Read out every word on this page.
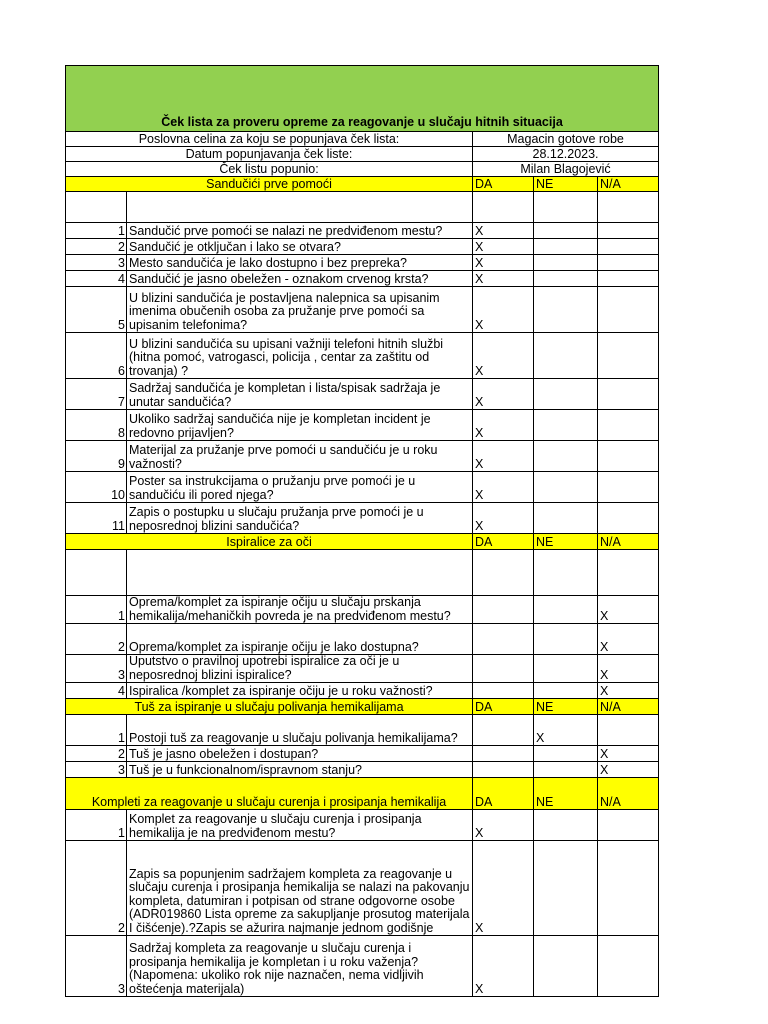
Ček lista za proveru opreme za reagovanje u slučaju hitnih situacija				
Poslovna celina za koju se popunjava ček lista:		Magacin gotove robe		
Datum popunjavanja ček liste:		28.12.2023.		
Ček listu popunio:		Milan Blagojević		
Sandučići prve pomoći		DA	NE	N/A

1	Sandučić prve pomoći se nalazi ne predviđenom mestu?	X		
2	Sandučić je otključan i lako se otvara?	X		
3	Mesto sandučića je lako dostupno i bez prepreka?	X		
4	Sandučić je jasno obeležen - oznakom crvenog krsta?	X		
5	U blizini sandučića je postavljena nalepnica sa upisanim imenima obučenih osoba za pružanje prve pomoći sa upisanim telefonima?	X		
6	U blizini sandučića su upisani važniji telefoni hitnih službi (hitna pomoć, vatrogasci, policija , centar za zaštitu od trovanja) ?	X		
7	Sadržaj sandučića je kompletan i lista/spisak sadržaja je unutar sandučića?	X		
8	Ukoliko sadržaj sandučića nije je kompletan incident je redovno prijavljen?	X		
9	Materijal za pružanje prve pomoći u sandučiću je u roku važnosti?	X		
10	Poster sa instrukcijama o pružanju prve pomoći je u sandučiću ili pored njega?	X		
11	Zapis o postupku u slučaju pružanja prve pomoći je u neposrednoj blizini sandučića?	X		
Ispiralice za oči		DA	NE	N/A

1	Oprema/komplet za ispiranje očiju u slučaju prskanja hemikalija/mehaničkih povreda je na predviđenom mestu?			X
2	Oprema/komplet za ispiranje očiju je lako dostupna?			X
3	Uputstvo o pravilnoj upotrebi ispiralice za oči je u neposrednoj blizini ispiralice?			X
4	Ispiralica /komplet za ispiranje očiju je u roku važnosti?			X
Tuš za ispiranje u slučaju polivanja hemikalijama		DA	NE	N/A
1	Postoji tuš za reagovanje u slučaju polivanja hemikalijama?		X	
2	Tuš je jasno obeležen i dostupan?			X
3	Tuš je u funkcionalnom/ispravnom stanju?			X
Kompleti za reagovanje u slučaju curenja i prosipanja hemikalija		DA	NE	N/A
1	Komplet za reagovanje u slučaju curenja i prosipanja hemikalija je na predviđenom mestu?	X		
2	Zapis sa popunjenim sadržajem kompleta za reagovanje u slučaju curenja i prosipanja hemikalija se nalazi na pakovanju kompleta, datumiran i potpisan od strane odgovorne osobe (ADR019860 Lista opreme za sakupljanje prosutog materijala I čišćenje).?Zapis se ažurira najmanje jednom godišnje	X		
3	Sadržaj kompleta za reagovanje u slučaju curenja i prosipanja hemikalija je kompletan i u roku važenja? (Napomena: ukoliko rok nije naznačen, nema vidljivih oštećenja materijala)	X		
